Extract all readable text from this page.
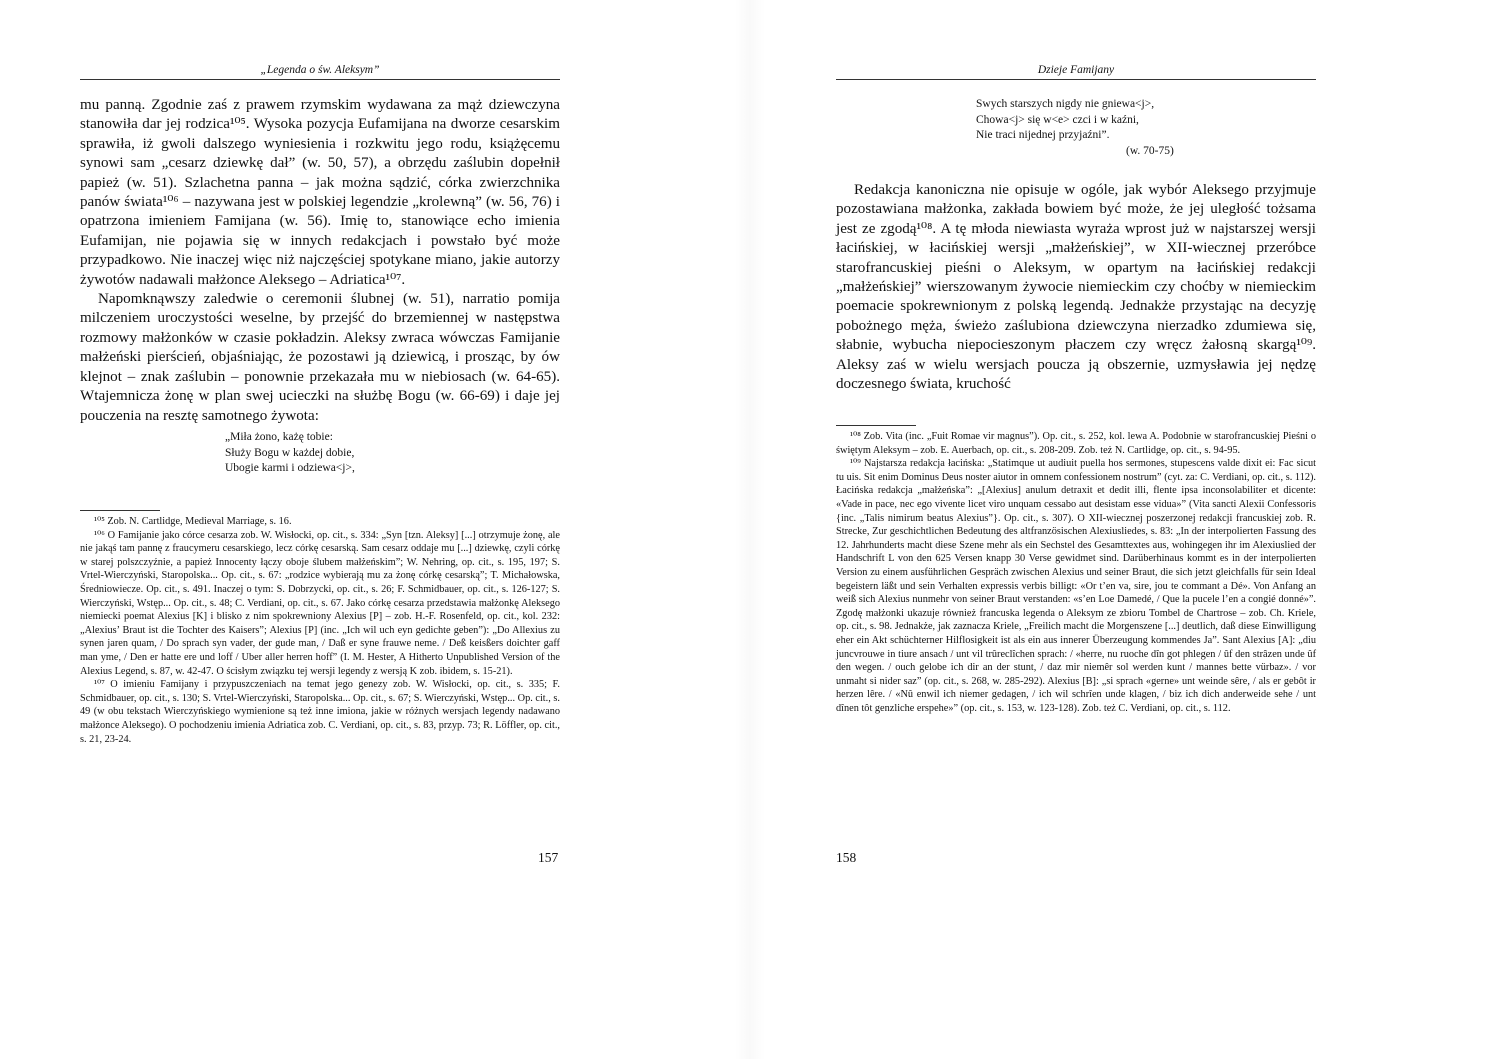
„Legenda o św. Aleksym”

mu panną. Zgodnie zaś z prawem rzymskim wydawana za mąż dziewczyna stanowiła dar jej rodzica¹⁰⁵. Wysoka pozycja Eufamijana na dworze cesarskim sprawiła, iż gwoli dalszego wyniesienia i rozkwitu jego rodu, książęcemu synowi sam „cesarz dziewkę dał” (w. 50, 57), a obrzędu zaślubin dopełnił papież (w. 51). Szlachetna panna – jak można sądzić, córka zwierzchnika panów świata¹⁰⁶ – nazywana jest w polskiej legendzie „krolewną” (w. 56, 76) i opatrzona imieniem Famijana (w. 56). Imię to, stanowiące echo imienia Eufamijan, nie pojawia się w innych redakcjach i powstało być może przypadkowo. Nie inaczej więc niż najczęściej spotykane miano, jakie autorzy żywotów nadawali małżonce Aleksego – Adriatica¹⁰⁷.

Napomknąwszy zaledwie o ceremonii ślubnej (w. 51), narratio pomija milczeniem uroczystości weselne, by przejść do brzemiennej w następstwa rozmowy małżonków w czasie pokładzin. Aleksy zwraca wówczas Famijanie małżeński pierścień, objaśniając, że pozostawi ją dziewicą, i prosząc, by ów klejnot – znak zaślubin – ponownie przekazała mu w niebiosach (w. 64-65). Wtajemnicza żonę w plan swej ucieczki na służbę Bogu (w. 66-69) i daje jej pouczenia na resztę samotnego żywota:

„Miła żono, każę tobie:
Służy Bogu w każdej dobie,
Ubogie karmi i odziewa<j>,

¹⁰⁵ Zob. N. Cartlidge, Medieval Marriage, s. 16.

¹⁰⁶ O Famijanie jako córce cesarza zob. W. Wisłocki, op. cit., s. 334: „Syn [tzn. Aleksy] [...] otrzymuje żonę, ale nie jakąś tam pannę z fraucymeru cesarskiego, lecz córkę cesarską. Sam cesarz oddaje mu [...] dziewkę, czyli córkę w starej polszczyźnie, a papież Innocenty łączy oboje ślubem małżeńskim”; W. Nehring, op. cit., s. 195, 197; S. Vrtel-Wierczyński, Staropolska... Op. cit., s. 67: „rodzice wybierają mu za żonę córkę cesarską”; T. Michałowska, Średniowiecze. Op. cit., s. 491. Inaczej o tym: S. Dobrzycki, op. cit., s. 26; F. Schmidbauer, op. cit., s. 126-127; S. Wierczyński, Wstęp... Op. cit., s. 48; C. Verdiani, op. cit., s. 67. Jako córkę cesarza przedstawia małżonkę Aleksego niemiecki poemat Alexius [K] i blisko z nim spokrewniony Alexius [P] – zob. H.-F. Rosenfeld, op. cit., kol. 232: „Alexius’ Braut ist die Tochter des Kaisers”; Alexius [P] (inc. „Ich wil uch eyn gedichte geben”): „Do Allexius zu synen jaren quam, / Do sprach syn vader, der gude man, / Daß er synе frauwe neme. / Deß keisßers doichter gaff man yme, / Den er hatte ere und loff / Uber aller herren hoff” (I. M. Hester, A Hitherto Unpublished Version of the Alexius Legend, s. 87, w. 42-47. O ścisłym związku tej wersji legendy z wersją K zob. ibidem, s. 15-21).

¹⁰⁷ O imieniu Famijany i przypuszczeniach na temat jego genezy zob. W. Wisłocki, op. cit., s. 335; F. Schmidbauer, op. cit., s. 130; S. Vrtel-Wierczyński, Staropolska... Op. cit., s. 67; S. Wierczyński, Wstęp... Op. cit., s. 49 (w obu tekstach Wierczyńskiego wymienione są też inne imiona, jakie w różnych wersjach legendy nadawano małżonce Aleksego). O pochodzeniu imienia Adriatica zob. C. Verdiani, op. cit., s. 83, przyp. 73; R. Löffler, op. cit., s. 21, 23-24.

157
Dzieje Famijany
Swych starszych nigdy nie gniewa<j>,
Chowa<j> się w<e> czci i w kaźni,
Nie traci nijednej przyjaźni”.
(w. 70-75)

Redakcja kanoniczna nie opisuje w ogóle, jak wybór Aleksego przyjmuje pozostawiana małżonka, zakłada bowiem być może, że jej uległość tożsama jest ze zgodą¹⁰⁸. A tę młoda niewiasta wyraża wprost już w najstarszej wersji łacińskiej, w łacińskiej wersji „małżeńskiej”, w XII-wiecznej przeróbce starofrancuskiej pieśni o Aleksym, w opartym na łacińskiej redakcji „małżeńskiej” wierszowanym żywocie niemieckim czy choćby w niemieckim poemacie spokrewnionym z polską legendą. Jednakże przystając na decyzję pobożnego męża, świeżo zaślubiona dziewczyna nierzadko zdumiewa się, słabnie, wybucha niepocieszonym płaczem czy wręcz żałosną skargą¹⁰⁹. Aleksy zaś w wielu wersjach poucza ją obszernie, uzmysławia jej nędzę doczesnego świata, kruchość

¹⁰⁸ Zob. Vita (inc. „Fuit Romae vir magnus”). Op. cit., s. 252, kol. lewa A. Podobnie w starofrancuskiej Pieśni o świętym Aleksym – zob. E. Auerbach, op. cit., s. 208-209. Zob. też N. Cartlidge, op. cit., s. 94-95.

¹⁰⁹ Najstarsza redakcja łacińska: „Statimque ut audiuit puella hos sermones, stupescens valde dixit ei: Fac sicut tu uis. Sit enim Dominus Deus noster aiutor in omnem confessionem nostrum” (cyt. za: C. Verdiani, op. cit., s. 112). Łacińska redakcja „małżeńska”: „[Alexius] anulum detraxit et dedit illi, flente ipsa inconsolabiliter et dicente: «Vade in pace, nec ego vivente licet viro unquam cessabo aut desistam esse vidua»” (Vita sancti Alexii Confessoris {inc. „Talis nimirum beatus Alexius”}. Op. cit., s. 307). O XII-wiecznej poszerzonej redakcji francuskiej zob. R. Strecke, Zur geschichtlichen Bedeutung des altfranzösischen Alexiusliedes, s. 83: „In der interpolierten Fassung des 12. Jahrhunderts macht diese Szene mehr als ein Sechstel des Gesamttextes aus, wohingegen ihr im Alexiuslied der Handschrift L von den 625 Versen knapp 30 Verse gewidmet sind. Darüberhinaus kommt es in der interpolierten Version zu einem ausführlichen Gespräch zwischen Alexius und seiner Braut, die sich jetzt gleichfalls für sein Ideal begeistern läßt und sein Verhalten expressis verbis billigt: «Or t’en va, sire, jou te commant a Dé». Von Anfang an weiß sich Alexius nunmehr von seiner Braut verstanden: «s’en Loe Damedé, / Que la pucele l’en a congié donné»”. Zgodę małżonki ukazuje również francuska legenda o Aleksym ze zbioru Tombel de Chartrose – zob. Ch. Kriele, op. cit., s. 98. Jednakże, jak zaznacza Kriele, „Freilich macht die Morgenszene [...] deutlich, daß diese Einwilligung eher ein Akt schüchterner Hilflosigkeit ist als ein aus innerer Überzeugung kommendes Ja”. Sant Alexius [A]: „diu juncvrouwe in tiure ansach / unt vil trûreclîchen sprach: / «herre, nu ruoche dîn got phlegen / ûf den strâzen unde ûf den wegen. / ouch gelobe ich dir an der stunt, / daz mir niemêr sol werden kunt / mannes bette vürbaz». / vor unmaht si nider saz” (op. cit., s. 268, w. 285-292). Alexius [B]: „si sprach «gerne» unt weinde sêre, / als er gebôt ir herzen lêre. / «Nû enwil ich niemer gedagen, / ich wil schrîen unde klagen, / biz ich dich anderweide sehe / unt dînen tôt genzliche erspehe»” (op. cit., s. 153, w. 123-128). Zob. też C. Verdiani, op. cit., s. 112.

158
